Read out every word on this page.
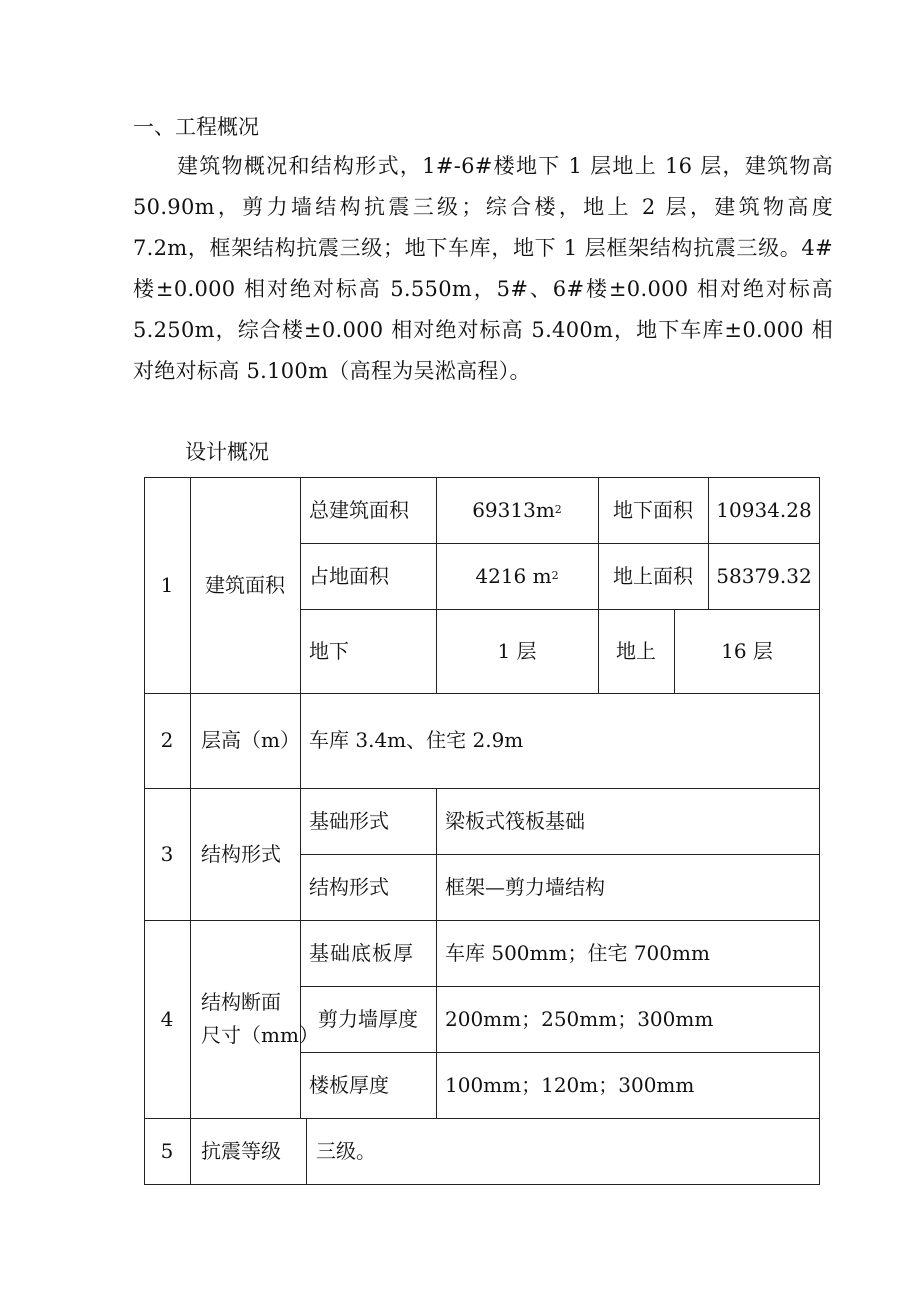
一、工程概况
建筑物概况和结构形式，1#-6#楼地下 1 层地上 16 层，建筑物高 50.90m，剪力墙结构抗震三级；综合楼，地上 2 层，建筑物高度 7.2m，框架结构抗震三级；地下车库，地下 1 层框架结构抗震三级。4#楼±0.000 相对绝对标高 5.550m，5#、6#楼±0.000 相对绝对标高 5.250m，综合楼±0.000 相对绝对标高 5.400m，地下车库±0.000 相对绝对标高 5.100m（高程为吴淞高程）。
设计概况
1	建筑面积
总建筑面积	69313m 2	地下面积	10934.28
占地面积	4216 m 2	地上面积	58379.32
地下	1 层	地上	16 层
2	层高（m） 车库 3.4m、住宅 2.9m
3	结构形式
基础形式	梁板式筏板基础
结构形式	框架—剪力墙结构
4
结构断面
尺寸（mm）
基础底板厚	车库 500mm；住宅 700mm
剪力墙厚度	200mm；250mm；300mm
楼板厚度	100mm；120m；300mm
5	抗震等级	三级。
